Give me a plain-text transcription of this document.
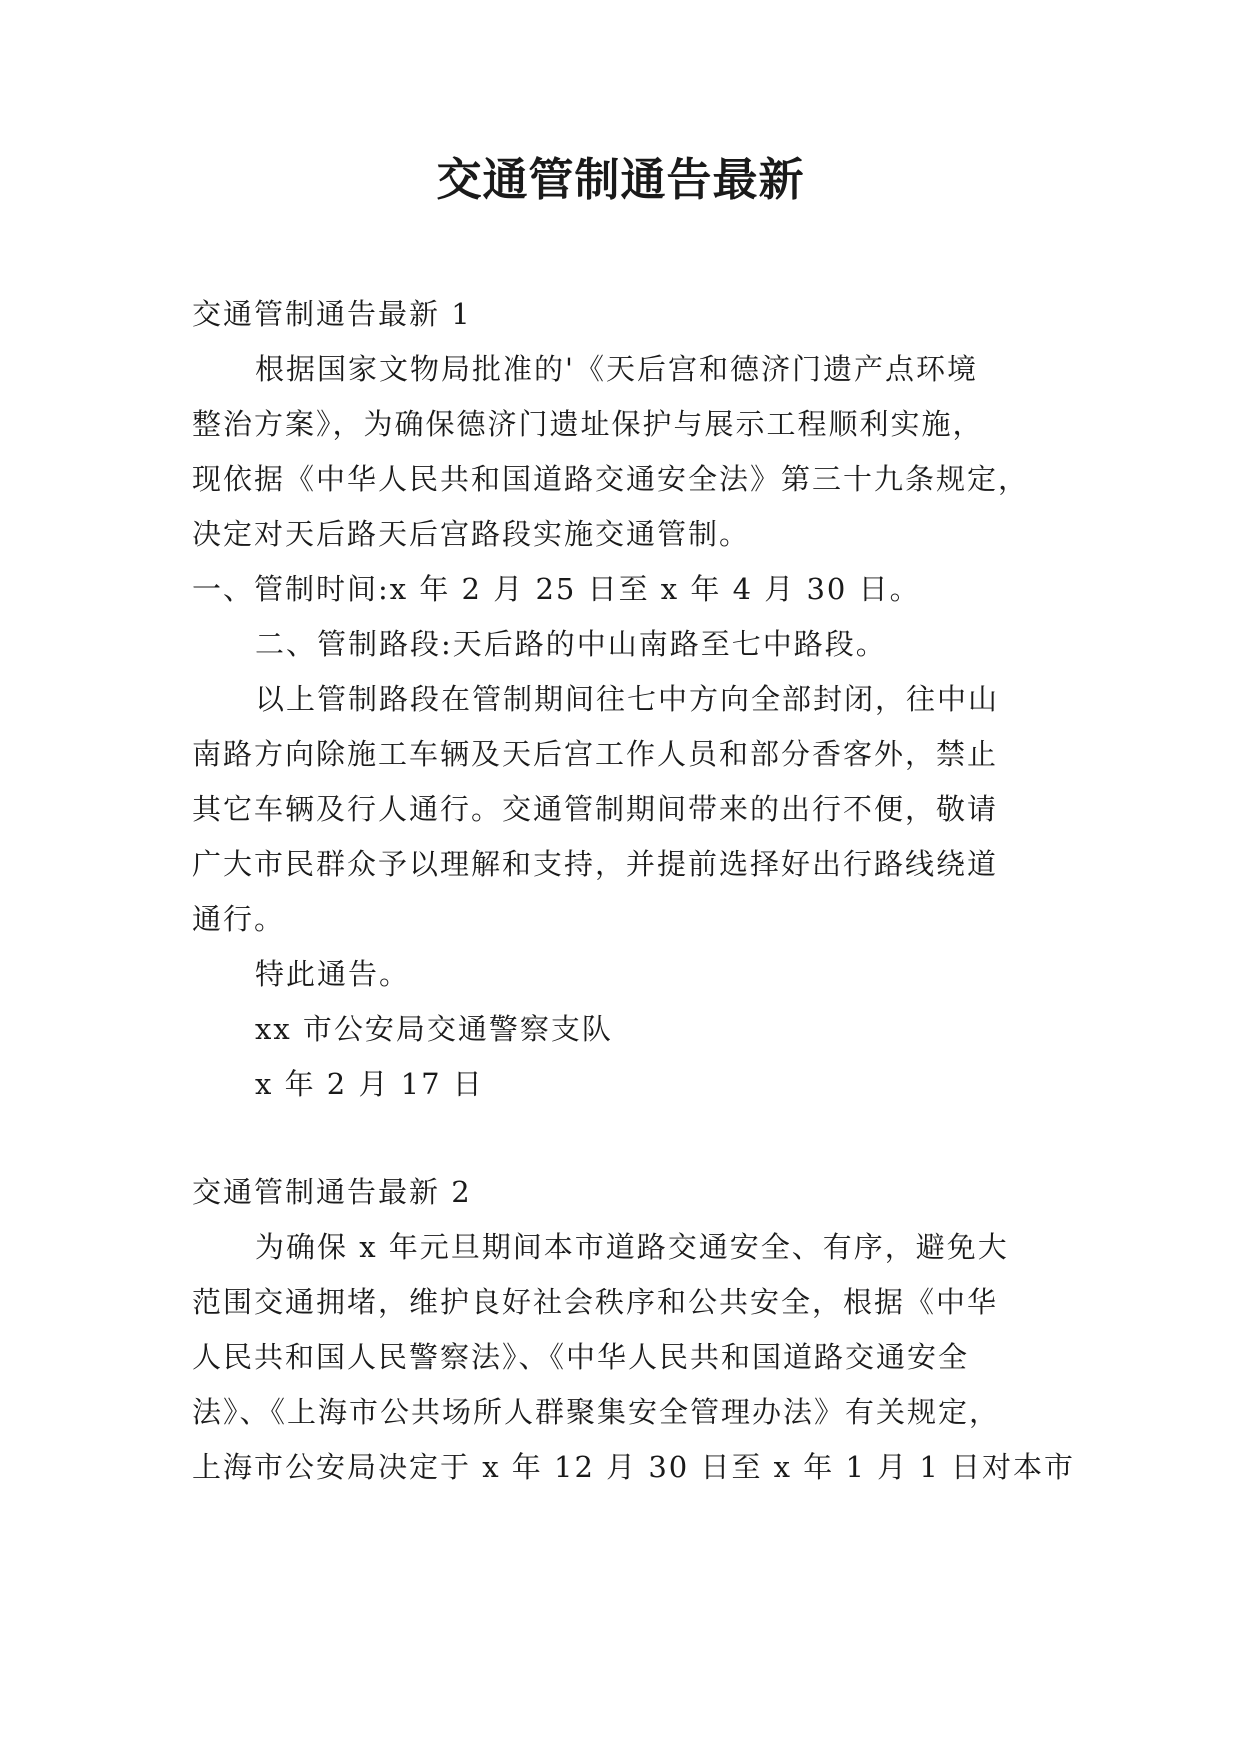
交通管制通告最新
交通管制通告最新 1
根据国家文物局批准的'《天后宫和德济门遗产点环境
整治方案》，为确保德济门遗址保护与展示工程顺利实施，
现依据《中华人民共和国道路交通安全法》第三十九条规定，
决定对天后路天后宫路段实施交通管制。
一、管制时间:x 年 2 月 25 日至 x 年 4 月 30 日。
二、管制路段:天后路的中山南路至七中路段。
以上管制路段在管制期间往七中方向全部封闭，往中山
南路方向除施工车辆及天后宫工作人员和部分香客外，禁止
其它车辆及行人通行。交通管制期间带来的出行不便，敬请
广大市民群众予以理解和支持，并提前选择好出行路线绕道
通行。
特此通告。
xx 市公安局交通警察支队
x 年 2 月 17 日
交通管制通告最新 2
为确保 x 年元旦期间本市道路交通安全、有序，避免大
范围交通拥堵，维护良好社会秩序和公共安全，根据《中华
人民共和国人民警察法》、《中华人民共和国道路交通安全
法》、《上海市公共场所人群聚集安全管理办法》有关规定，
上海市公安局决定于 x 年 12 月 30 日至 x 年 1 月 1 日对本市
